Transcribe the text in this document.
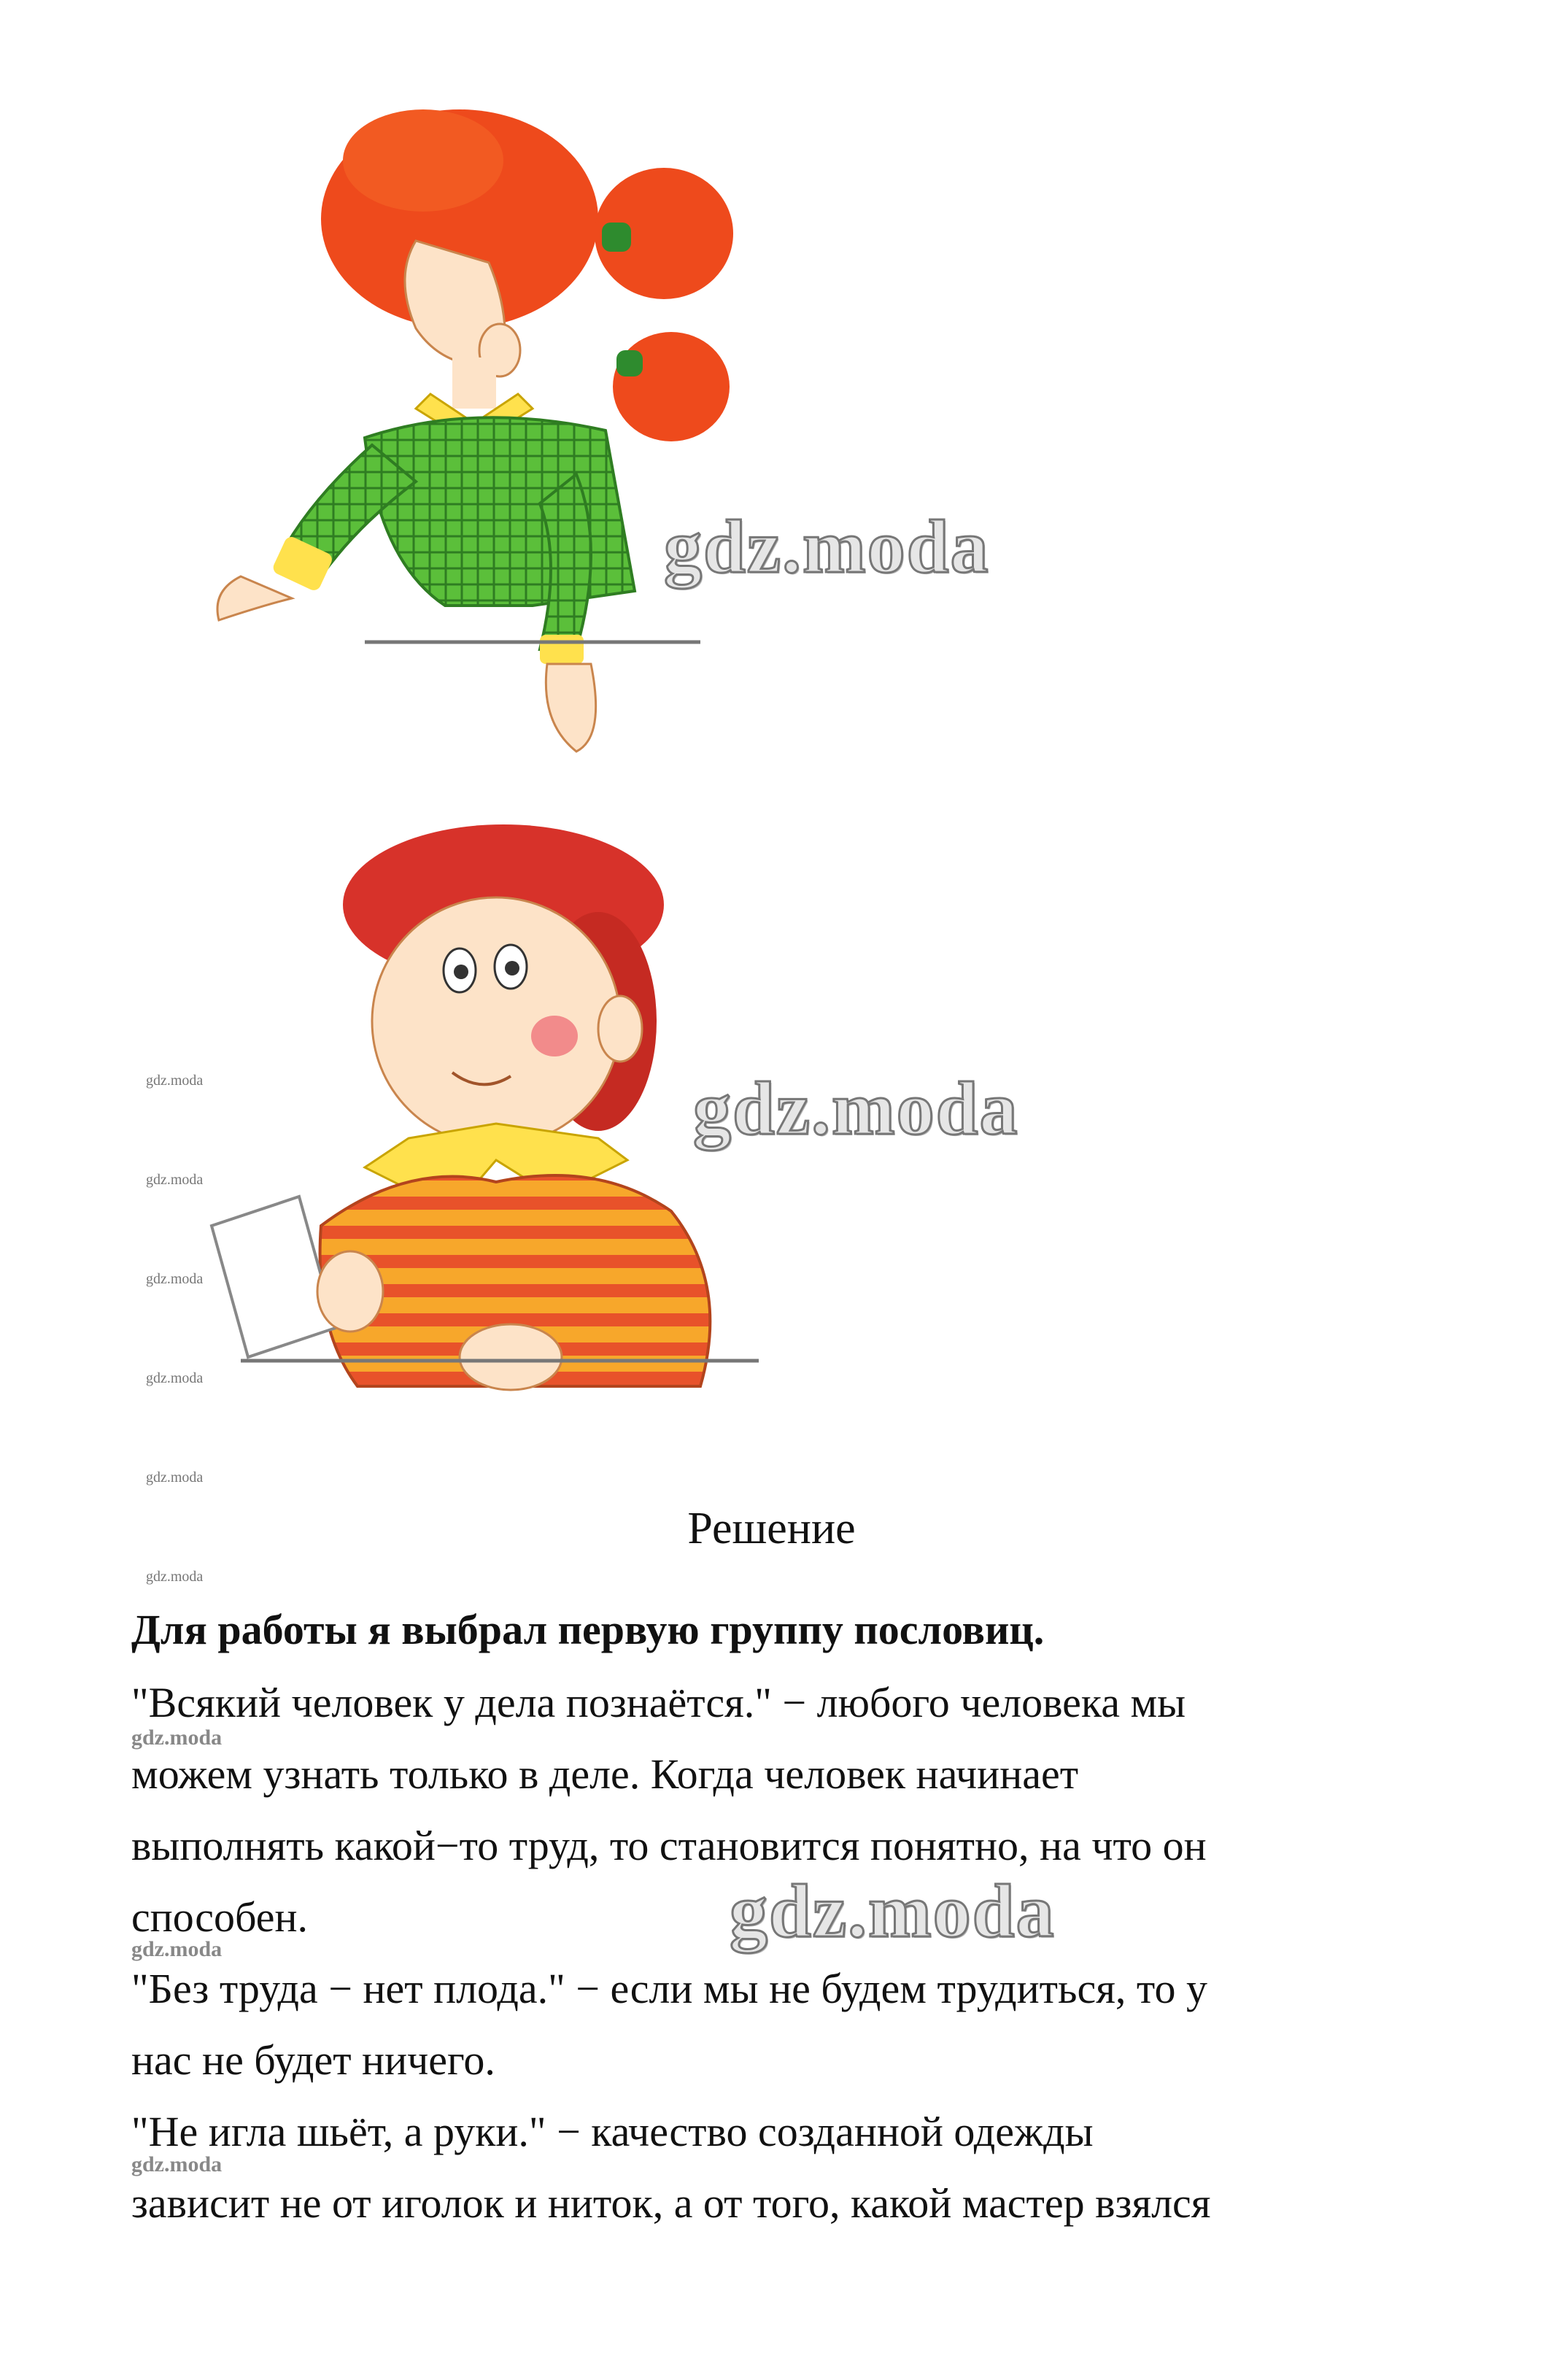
gdz.moda
gdz.moda
gdz.moda
gdz.moda
gdz.moda
gdz.moda
gdz.moda
gdz.moda
gdz.moda
gdz.moda
gdz.moda
gdz.moda
Решение
Для работы я выбрал первую группу пословиц.
"Всякий человек у дела познаётся." − любого человека мы
можем узнать только в деле. Когда человек начинает
выполнять какой−то труд, то становится понятно, на что он
способен.
"Без труда − нет плода." − если мы не будем трудиться, то у
нас не будет ничего.
"Не игла шьёт, а руки." − качество созданной одежды
зависит не от иголок и ниток, а от того, какой мастер взялся
